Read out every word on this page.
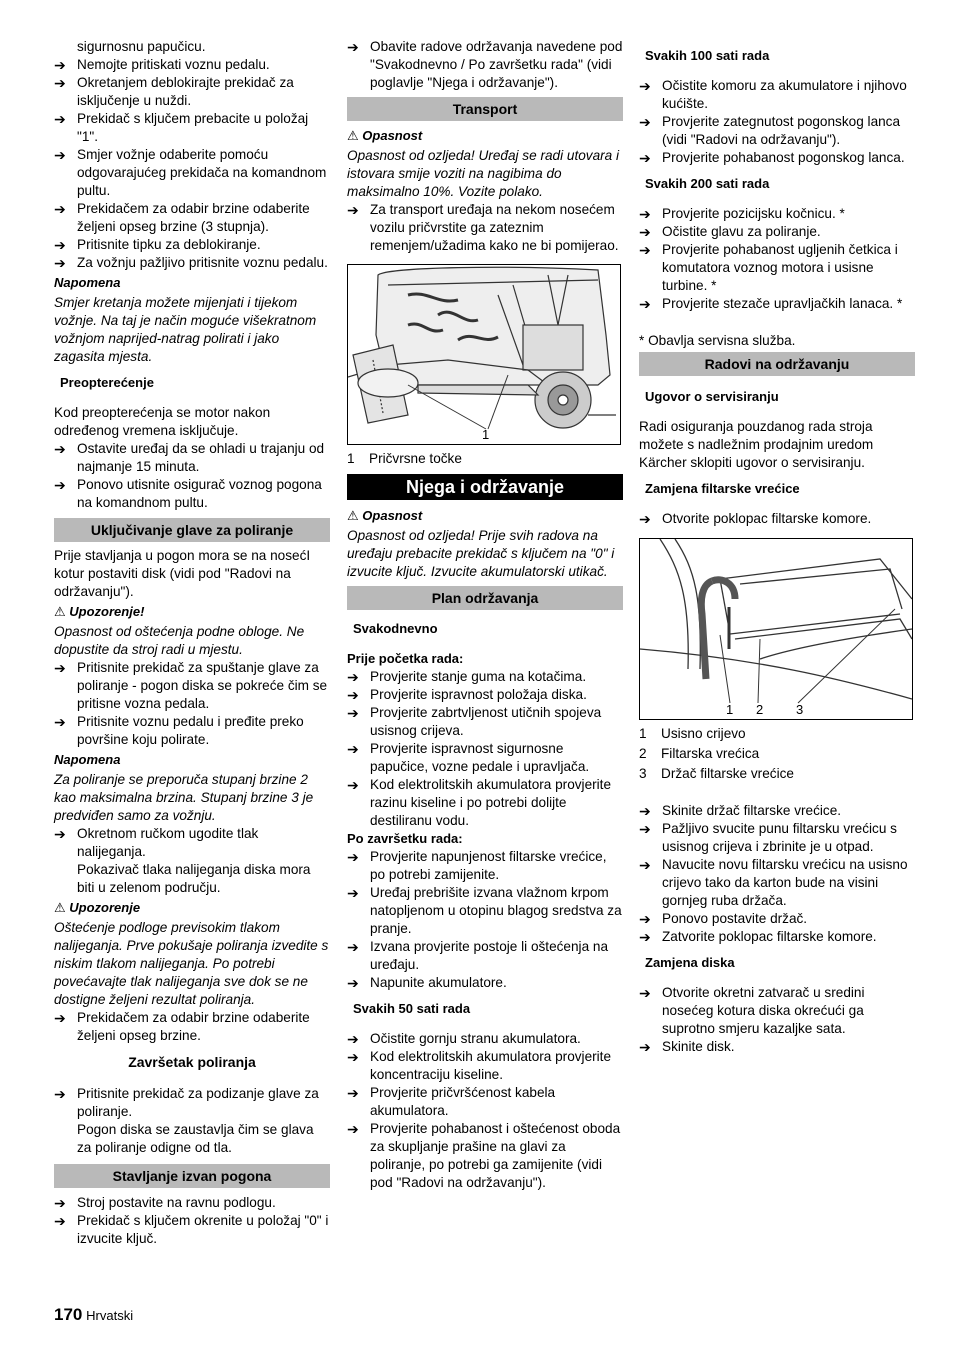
sigurnosnu papučicu.

➔ Nemojte pritiskati voznu pedalu.

➔ Okretanjem deblokirajte prekidač za isključenje u nuždi.

➔ Prekidač s ključem prebacite u položaj "1".

➔ Smjer vožnje odaberite pomoću odgovarajućeg prekidača na komandnom pultu.

➔ Prekidačem za odabir brzine odaberite željeni opseg brzine (3 stupnja).

➔ Pritisnite tipku za deblokiranje.

➔ Za vožnju pažljivo pritisnite voznu pedalu.

Napomena

Smjer kretanja možete mijenjati i tijekom vožnje. Na taj je način moguće višekratnom vožnjom naprijed-natrag polirati i jako zagasita mjesta.

Preopterećenje

Kod preopterećenja se motor nakon određenog vremena isključuje.

➔ Ostavite uređaj da se ohladi u trajanju od najmanje 15 minuta.

➔ Ponovo utisnite osigurač voznog pogona na komandnom pultu.

Uključivanje glave za poliranje

Prije stavljanja u pogon mora se na nosećI kotur postaviti disk (vidi pod "Radovi na održavanju").

⚠ Upozorenje!

Opasnost od oštećenja podne obloge. Ne dopustite da stroj radi u mjestu.

➔ Pritisnite prekidač za spuštanje glave za poliranje - pogon diska se pokreće čim se pritisne vozna pedala.

➔ Pritisnite voznu pedalu i pređite preko površine koju polirate.

Napomena

Za poliranje se preporuča stupanj brzine 2 kao maksimalna brzina. Stupanj brzine 3 je predviđen samo za vožnju.

➔ Okretnom ručkom ugodite tlak nalijeganja.

Pokazivač tlaka nalijeganja diska mora biti u zelenom području.

⚠ Upozorenje

Oštećenje podloge previsokim tlakom nalijeganja. Prve pokušaje poliranja izvedite s niskim tlakom nalijeganja. Po potrebi povećavajte tlak nalijeganja sve dok se ne dostigne željeni rezultat poliranja.

➔ Prekidačem za odabir brzine odaberite željeni opseg brzine.

Završetak poliranja

➔ Pritisnite prekidač za podizanje glave za poliranje.

Pogon diska se zaustavlja čim se glava za poliranje odigne od tla.

Stavljanje izvan pogona

➔ Stroj postavite na ravnu podlogu.

➔ Prekidač s ključem okrenite u položaj "0" i izvucite ključ.

➔ Obavite radove održavanja navedene pod "Svakodnevno / Po završetku rada" (vidi poglavlje "Njega i održavanje").

Transport

⚠ Opasnost

Opasnost od ozljeda! Uređaj se radi utovara i istovara smije voziti na nagibima do maksimalno 10%. Vozite polako.

➔ Za transport uređaja na nekom nosećem vozilu pričvrstite ga zateznim remenjem/užadima kako ne bi pomijerao.

1
1	Pričvrsne točke
Njega i održavanje

⚠ Opasnost

Opasnost od ozljeda! Prije svih radova na uređaju prebacite prekidač s ključem na "0" i izvucite ključ. Izvucite akumulatorski utikač.

Plan održavanja

Svakodnevno

Prije početka rada:

➔ Provjerite stanje guma na kotačima.

➔ Provjerite ispravnost položaja diska.

➔ Provjerite zabrtvljenost utičnih spojeva usisnog crijeva.

➔ Provjerite ispravnost sigurnosne papučice, vozne pedale i upravljača.

➔ Kod elektrolitskih akumulatora provjerite razinu kiseline i po potrebi dolijte destiliranu vodu.

Po završetku rada:

➔ Provjerite napunjenost filtarske vrećice, po potrebi zamijenite.

➔ Uređaj prebrišite izvana vlažnom krpom natopljenom u otopinu blagog sredstva za pranje.

➔ Izvana provjerite postoje li oštećenja na uređaju.

➔ Napunite akumulatore.

Svakih 50 sati rada

➔ Očistite gornju stranu akumulatora.

➔ Kod elektrolitskih akumulatora provjerite koncentraciju kiseline.

➔ Provjerite pričvršćenost kabela akumulatora.

➔ Provjerite pohabanost i oštećenost oboda za skupljanje prašine na glavi za poliranje, po potrebi ga zamijenite (vidi pod "Radovi na održavanju").

Svakih 100 sati rada

➔ Očistite komoru za akumulatore i njihovo kućište.

➔ Provjerite zategnutost pogonskog lanca (vidi "Radovi na održavanju").

➔ Provjerite pohabanost pogonskog lanca.

Svakih 200 sati rada

➔ Provjerite pozicijsku kočnicu. *

➔ Očistite glavu za poliranje.

➔ Provjerite pohabanost ugljenih četkica i komutatora voznog motora i usisne turbine. *

➔ Provjerite stezače upravljačkih lanaca. *

* Obavlja servisna služba.

Radovi na održavanju

Ugovor o servisiranju

Radi osiguranja pouzdanog rada stroja možete s nadležnim prodajnim uredom Kärcher sklopiti ugovor o servisiranju.

Zamjena filtarske vrećice

➔ Otvorite poklopac filtarske komore.

1 2	3
1	Usisno crijevo
2	Filtarska vrećica
3	Držač filtarske vrećice

➔ Skinite držač filtarske vrećice.

➔ Pažljivo svucite punu filtarsku vrećicu s usisnog crijeva i zbrinite je u otpad.

➔ Navucite novu filtarsku vrećicu na usisno crijevo tako da karton bude na visini gornjeg ruba držača.

➔ Ponovo postavite držač.

➔ Zatvorite poklopac filtarske komore.

Zamjena diska

➔ Otvorite okretni zatvarač u sredini nosećeg kotura diska okrećući ga suprotno smjeru kazaljke sata.

➔ Skinite disk.

170 Hrvatski
